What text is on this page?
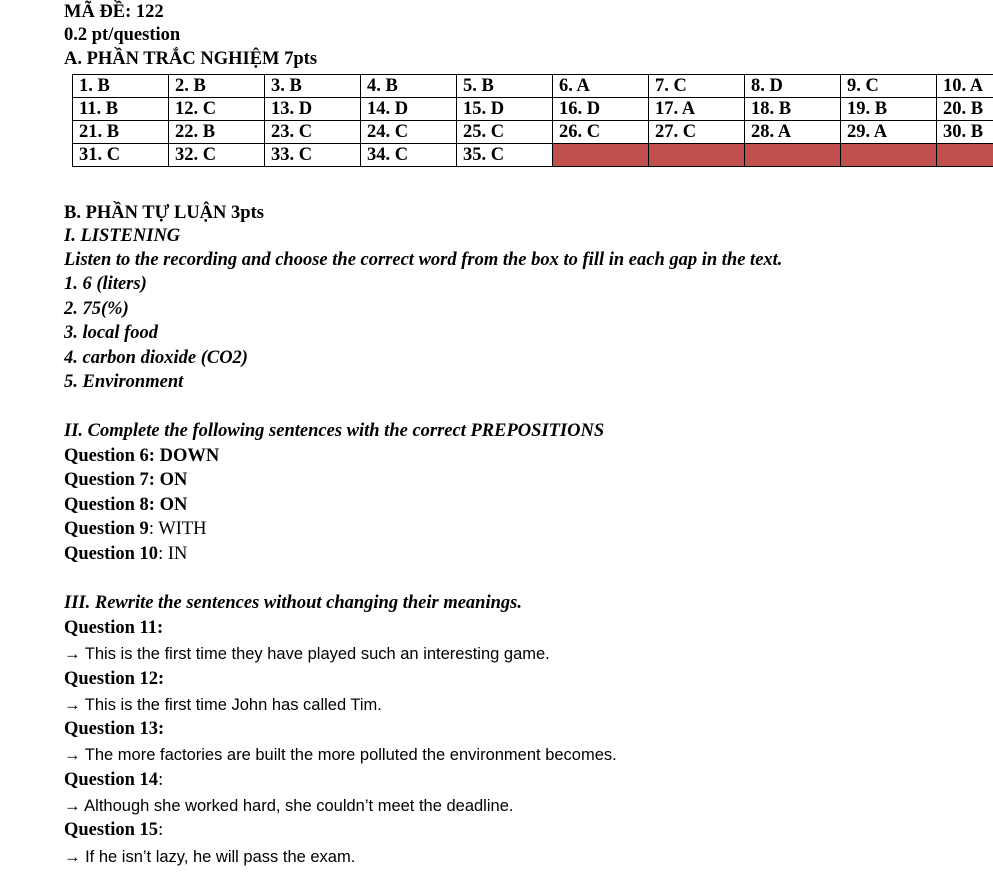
MÃ ĐỀ: 122
0.2 pt/question
A. PHẦN TRẮC NGHIỆM 7pts
1. B	2. B	3. B	4. B	5. B	6. A	7. C	8. D	9. C	10. A
11. B	12. C	13. D	14. D	15. D	16. D	17. A	18. B	19. B	20. B
21. B	22. B	23. C	24. C	25. C	26. C	27. C	28. A	29. A	30. B
31. C	32. C	33. C	34. C	35. C					
B. PHẦN TỰ LUẬN 3pts
I. LISTENING
Listen to the recording and choose the correct word from the box to fill in each gap in the text.
1. 6 (liters)
2. 75(%)
3. local food
4. carbon dioxide (CO2)
5. Environment
II. Complete the following sentences with the correct PREPOSITIONS
Question 6: DOWN
Question 7: ON
Question 8: ON
Question 9: WITH
Question 10: IN
III. Rewrite the sentences without changing their meanings.
Question 11:
→ This is the first time they have played such an interesting game.
Question 12:
→ This is the first time John has called Tim.
Question 13:
→ The more factories are built the more polluted the environment becomes.
Question 14:
→ Although she worked hard, she couldn’t meet the deadline.
Question 15:
→ If he isn’t lazy, he will pass the exam.
